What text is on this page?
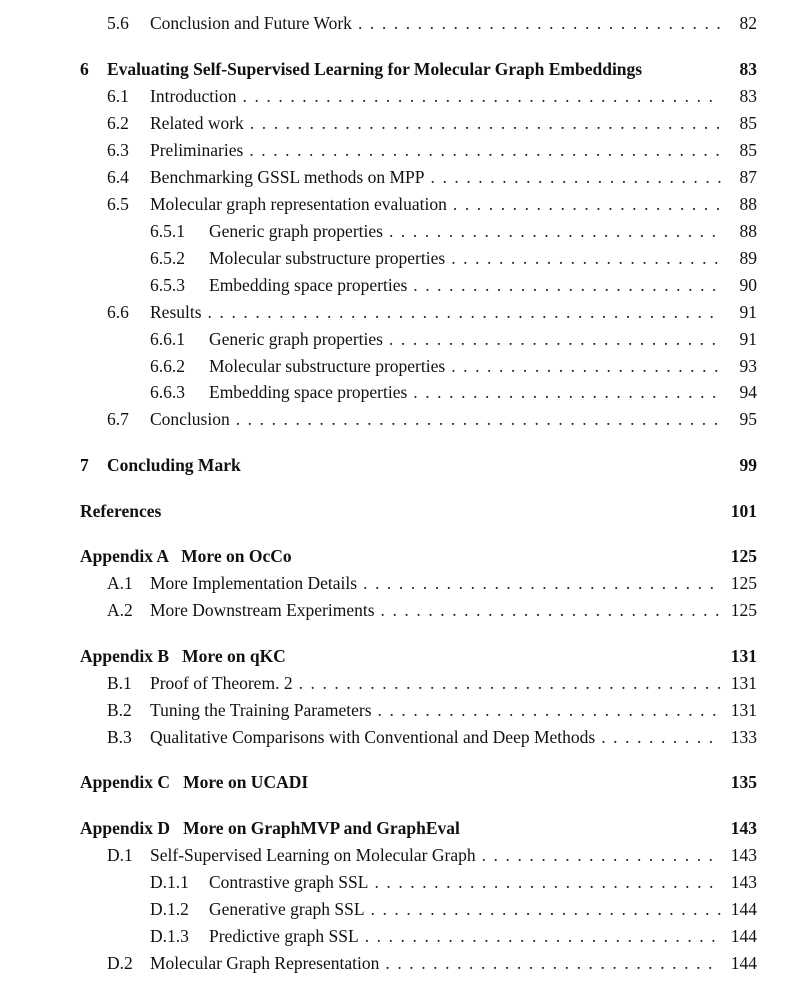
5.6 Conclusion and Future Work . . .	82
6 Evaluating Self-Supervised Learning for Molecular Graph Embeddings	83
6.1 Introduction . . .	83
6.2 Related work . . .	85
6.3 Preliminaries . . .	85
6.4 Benchmarking GSSL methods on MPP . . .	87
6.5 Molecular graph representation evaluation . . .	88
6.5.1 Generic graph properties . . .	88
6.5.2 Molecular substructure properties . . .	89
6.5.3 Embedding space properties . . .	90
6.6 Results . . .	91
6.6.1 Generic graph properties . . .	91
6.6.2 Molecular substructure properties . . .	93
6.6.3 Embedding space properties . . .	94
6.7 Conclusion . . .	95
7 Concluding Mark	99
References	101
Appendix A   More on OcCo	125
A.1 More Implementation Details . . .	125
A.2 More Downstream Experiments . . .	125
Appendix B   More on qKC	131
B.1 Proof of Theorem. 2 . . .	131
B.2 Tuning the Training Parameters . . .	131
B.3 Qualitative Comparisons with Conventional and Deep Methods . . .	133
Appendix C   More on UCADI	135
Appendix D   More on GraphMVP and GraphEval	143
D.1 Self-Supervised Learning on Molecular Graph . . .	143
D.1.1 Contrastive graph SSL . . .	143
D.1.2 Generative graph SSL . . .	144
D.1.3 Predictive graph SSL . . .	144
D.2 Molecular Graph Representation . . .	144
